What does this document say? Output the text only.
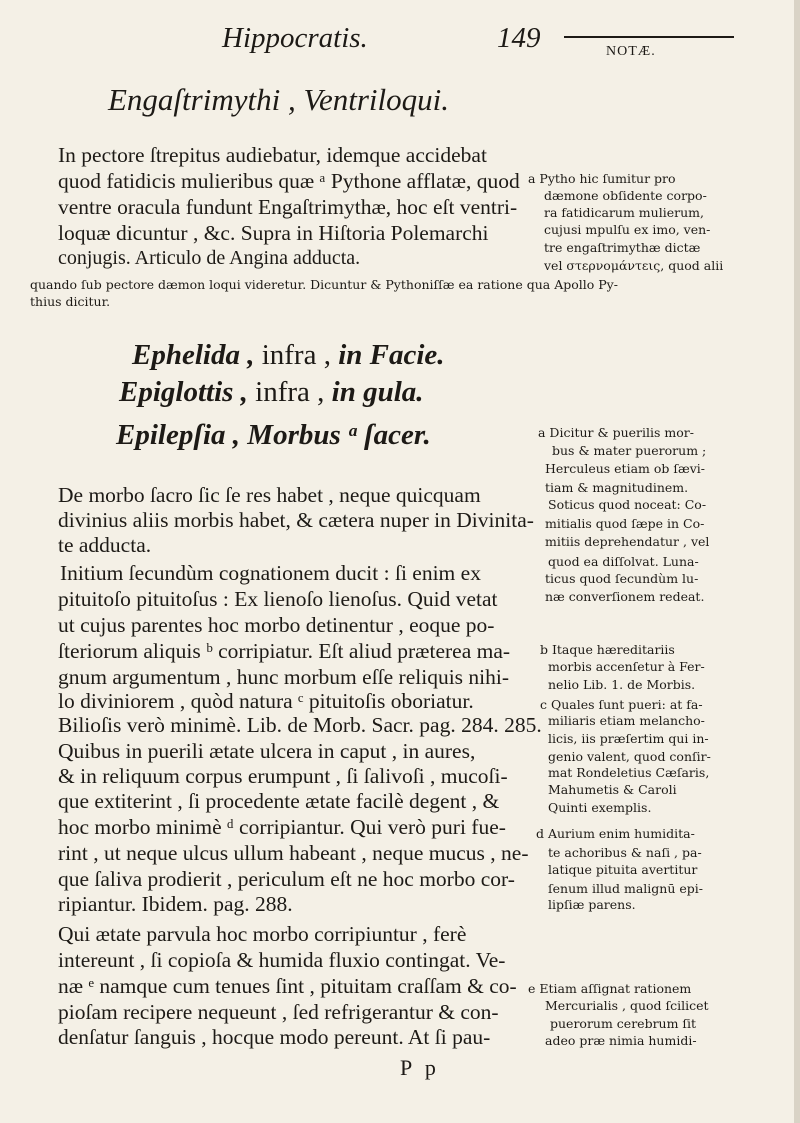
Hippocratis.	149	NOTÆ.
Engaſtrimythi , Ventriloqui.
In pectore ſtrepitus audiebatur, idemque accidebat
quod fatidicis mulieribus quæ ᵃ Pythone afflatæ, quod
ventre oracula fundunt Engaſtrimythæ, hoc eſt ventri-
loquæ dicuntur , &c. Supra in Hiſtoria Polemarchi
conjugis. Articulo de Angina adducta.
a Pytho hic ſumitur pro
dæmone obſidente corpo-
ra fatidicarum mulierum,
cujusi mpulſu ex imo, ven-
tre engaſtrimythæ dictæ
vel στερνομάντεις, quod alii
quando ſub pectore dæmon loqui videretur. Dicuntur & Pythoniſſæ ea ratione qua Apollo Py-
thius dicitur.
Ephelida , infra , in Facie.
Epiglottis , infra , in gula.
Epilepſia , Morbus ᵃ ſacer.
De morbo ſacro ſic ſe res habet , neque quicquam
divinius aliis morbis habet, & cætera nuper in Divinita-
te adducta.
Initium ſecundùm cognationem ducit : ſi enim ex
pituitoſo pituitoſus : Ex lienoſo lienoſus. Quid vetat
ut cujus parentes hoc morbo detinentur , eoque po-
ſteriorum aliquis ᵇ corripiatur. Eſt aliud præterea ma-
gnum argumentum , hunc morbum eſſe reliquis nihi-
lo diviniorem , quòd natura ᶜ pituitoſis oboriatur.
Bilioſis verò minimè. Lib. de Morb. Sacr. pag. 284. 285.
Quibus in puerili ætate ulcera in caput , in aures,
& in reliquum corpus erumpunt , ſi ſalivoſi , mucoſi-
que extiterint , ſi procedente ætate facilè degent , &
hoc morbo minimè ᵈ corripiantur. Qui verò puri fue-
rint , ut neque ulcus ullum habeant , neque mucus , ne-
que ſaliva prodierit , periculum eſt ne hoc morbo cor-
ripiantur. Ibidem. pag. 288.
Qui ætate parvula hoc morbo corripiuntur , ferè
intereunt , ſi copioſa & humida fluxio contingat. Ve-
næ ᵉ namque cum tenues ſint , pituitam craſſam & co-
pioſam recipere nequeunt , ſed refrigerantur & con-
denſatur ſanguis , hocque modo pereunt. At ſi pau-
a Dicitur & puerilis mor-
bus & mater puerorum ;
Herculeus etiam ob ſævi-
tiam & magnitudinem.
Soticus quod noceat: Co-
mitialis quod ſæpe in Co-
mitiis deprehendatur , vel
quod ea diſſolvat. Luna-
ticus quod ſecundùm lu-
næ converſionem redeat.
b Itaque hæreditariis
morbis accenſetur à Fer-
nelio Lib. 1. de Morbis.
c Quales ſunt pueri: at fa-
miliaris etiam melancho-
licis, iis præſertim qui in-
genio valent, quod conſir-
mat Rondeletius Cæſaris,
Mahumetis & Caroli
Quinti exemplis.
d Aurium enim humidita-
te achoribus & naſi , pa-
latique pituita avertitur
ſenum illud malignū epi-
lipſiæ parens.
e Etiam aſſignat rationem
Mercurialis , quod ſcilicet
puerorum cerebrum ſit
adeo præ nimia humidi-
P p
